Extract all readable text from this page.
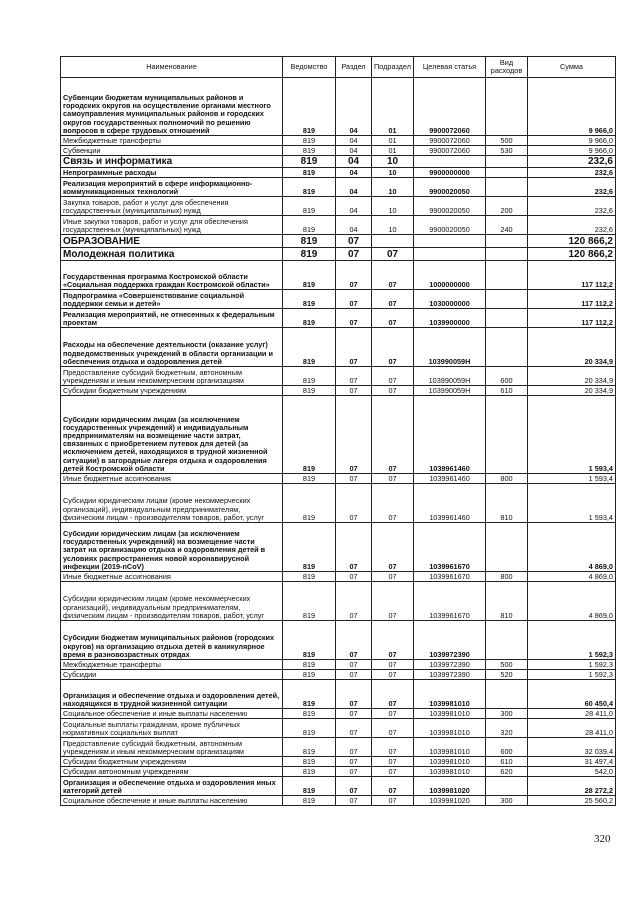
Наименование	Ведомство	Раздел	Подраздел	Целевая статья	Вид расходов	Сумма
Субвенции бюджетам муниципальных районов и городских округов на осуществление органами местного самоуправления муниципальных районов и городских округов государственных полномочий по решению вопросов в сфере трудовых отношений	819	04	01	9900072060		9 966,0
Межбюджетные трансферты	819	04	01	9900072060	500	9 966,0
Субвенции	819	04	01	9900072060	530	9 966,0
Связь и информатика	819	04	10			232,6
Непрограммные расходы	819	04	10	9900000000		232,6
Реализация мероприятий в сфере информационно-коммуникационных технологий	819	04	10	9900020050		232,6
Закупка товаров, работ и услуг для обеспечения государственных (муниципальных) нужд	819	04	10	9900020050	200	232,6
Иные закупки товаров, работ и услуг для обеспечения государственных (муниципальных) нужд	819	04	10	9900020050	240	232,6
ОБРАЗОВАНИЕ	819	07				120 866,2
Молодежная политика	819	07	07			120 866,2
Государственная программа Костромской области «Социальная поддержка граждан Костромской области»	819	07	07	1000000000		117 112,2
Подпрограмма «Совершенствование социальной поддержки семьи и детей»	819	07	07	1030000000		117 112,2
Реализация мероприятий, не отнесенных к федеральным проектам	819	07	07	1039900000		117 112,2
Расходы на обеспечение деятельности (оказание услуг) подведомственных учреждений в области организации и обеспечения отдыха и оздоровления детей	819	07	07	103990059Н		20 334,9
Предоставление субсидий бюджетным, автономным учреждениям и иным некоммерческим организациям	819	07	07	103990059Н	600	20 334,9
Субсидии бюджетным учреждениям	819	07	07	103990059Н	610	20 334,9
Субсидии юридическим лицам (за исключением государственных учреждений) и индивидуальным предпринимателям на возмещение части затрат, связанных с приобретением путевок для детей (за исключением детей, находящихся в трудной жизненной ситуации) в загородные лагеря отдыха и оздоровления детей Костромской области	819	07	07	1039961460		1 593,4
Иные бюджетные ассигнования	819	07	07	1039961460	800	1 593,4
Субсидии юридическим лицам (кроме некоммерческих организаций), индивидуальным предпринимателям, физическим лицам - производителям товаров, работ, услуг	819	07	07	1039961460	810	1 593,4
Субсидии юридическим лицам (за исключением государственных учреждений) на возмещение части затрат на организацию отдыха и оздоровления детей в условиях распространения новой коронавирусной инфекции (2019-nCoV)	819	07	07	1039961670		4 869,0
Иные бюджетные ассигнования	819	07	07	1039961670	800	4 869,0
Субсидии юридическим лицам (кроме некоммерческих организаций), индивидуальным предпринимателям, физическим лицам - производителям товаров, работ, услуг	819	07	07	1039961670	810	4 869,0
Субсидии бюджетам муниципальных районов (городских округов) на организацию отдыха детей в каникулярное время в разновозрастных отрядах	819	07	07	1039972390		1 592,3
Межбюджетные трансферты	819	07	07	1039972390	500	1 592,3
Субсидии	819	07	07	1039972390	520	1 592,3
Организация и обеспечение отдыха и оздоровления детей, находящихся в трудной жизненной ситуации	819	07	07	1039981010		60 450,4
Социальное обеспечение и иные выплаты населению	819	07	07	1039981010	300	28 411,0
Социальные выплаты гражданам, кроме публичных нормативных социальных выплат	819	07	07	1039981010	320	28 411,0
Предоставление субсидий бюджетным, автономным учреждениям и иным некоммерческим организациям	819	07	07	1039981010	600	32 039,4
Субсидии бюджетным учреждениям	819	07	07	1039981010	610	31 497,4
Субсидии автономным учреждениям	819	07	07	1039981010	620	542,0
Организация и обеспечение отдыха и оздоровления иных категорий детей	819	07	07	1039981020		28 272,2
Социальное обеспечение и иные выплаты населению	819	07	07	1039981020	300	25 560,2
320
